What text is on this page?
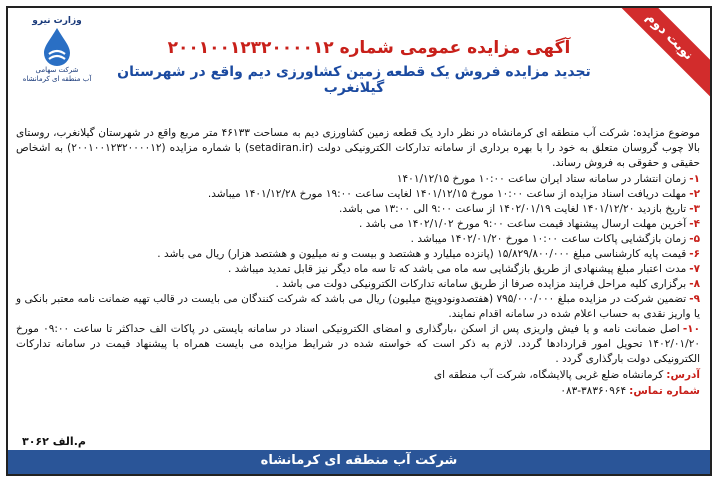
نوبت دوم
وزارت نیرو
شرکت سهامی
آب منطقه ای کرمانشاه
آگهی مزایده عمومی شماره ۲۰۰۱۰۰۱۲۳۲۰۰۰۰۱۲
تجدید مزایده فروش یک قطعه زمین کشاورزی دیم واقع در شهرستان گیلانغرب

موضوع مزایده: شرکت آب منطقه ای کرمانشاه در نظر دارد یک قطعه زمین کشاورزی دیم به مساحت ۴۶۱۳۳ متر مربع واقع در شهرستان گیلانغرب، روستای بالا چوب گروسان متعلق به خود را با بهره برداری از سامانه تدارکات الکترونیکی دولت (setadiran.ir) با شماره مزایده (۲۰۰۱۰۰۱۲۳۲۰۰۰۰۱۲) به اشخاص حقیقی و حقوقی به فروش رساند.

۱-زمان انتشار در سامانه ستاد ایران ساعت ۱۰:۰۰ مورخ ۱۴۰۱/۱۲/۱۵
۲-مهلت دریافت اسناد مزایده از ساعت ۱۰:۰۰ مورخ ۱۴۰۱/۱۲/۱۵ لغایت ساعت ۱۹:۰۰ مورخ ۱۴۰۱/۱۲/۲۸ میباشد.
۳-تاریخ بازدید ۱۴۰۱/۱۲/۲۰ لغایت ۱۴۰۲/۰۱/۱۹ از ساعت ۹:۰۰ الی ۱۳:۰۰ می باشد.
۴-آخرین مهلت ارسال پیشنهاد قیمت ساعت ۹:۰۰ مورخ ۱۴۰۲/۱/۰۲ می باشد .
۵-زمان بازگشایی پاکات ساعت ۱۰:۰۰ مورخ ۱۴۰۲/۰۱/۲۰ میباشد .
۶-قیمت پایه کارشناسی مبلغ ۱۵/۸۲۹/۸۰۰/۰۰۰ (پانزده میلیارد و هشتصد و بیست و نه میلیون و هشتصد هزار) ریال می باشد .
۷-مدت اعتبار مبلغ پیشنهادی از طریق بازگشایی سه ماه می باشد که تا سه ماه دیگر نیز قابل تمدید میباشد .
۸-برگزاری کلیه مراحل فرایند مزایده صرفا از طریق سامانه تدارکات الکترونیکی دولت می باشد .
۹-تضمین شرکت در مزایده مبلغ ۷۹۵/۰۰۰/۰۰۰ (هفتصدونودوپنج میلیون) ریال می باشد که شرکت کنندگان می بایست در قالب تهیه ضمانت نامه معتبر بانکی و یا واریز نقدی به حساب اعلام شده در سامانه اقدام نمایند.
۱۰-اصل ضمانت نامه و یا فیش واریزی پس از اسکن ،بارگذاری و امضای الکترونیکی اسناد در سامانه بایستی در پاکات الف حداکثر تا ساعت ۰۹:۰۰ مورخ ۱۴۰۲/۰۱/۲۰ تحویل امور قراردادها گردد. لازم به ذکر است که خواسته شده در شرایط مزایده می بایست همراه با پیشنهاد قیمت در سامانه تدارکات الکترونیکی دولت بارگذاری گردد .
آدرس:کرمانشاه ضلع غربی پالایشگاه، شرکت آب منطقه ای
شماره تماس:۳۸۳۶۰۹۶۴-۰۸۳
م.الف ۳۰۶۲
شرکت آب منطقه ای کرمانشاه
